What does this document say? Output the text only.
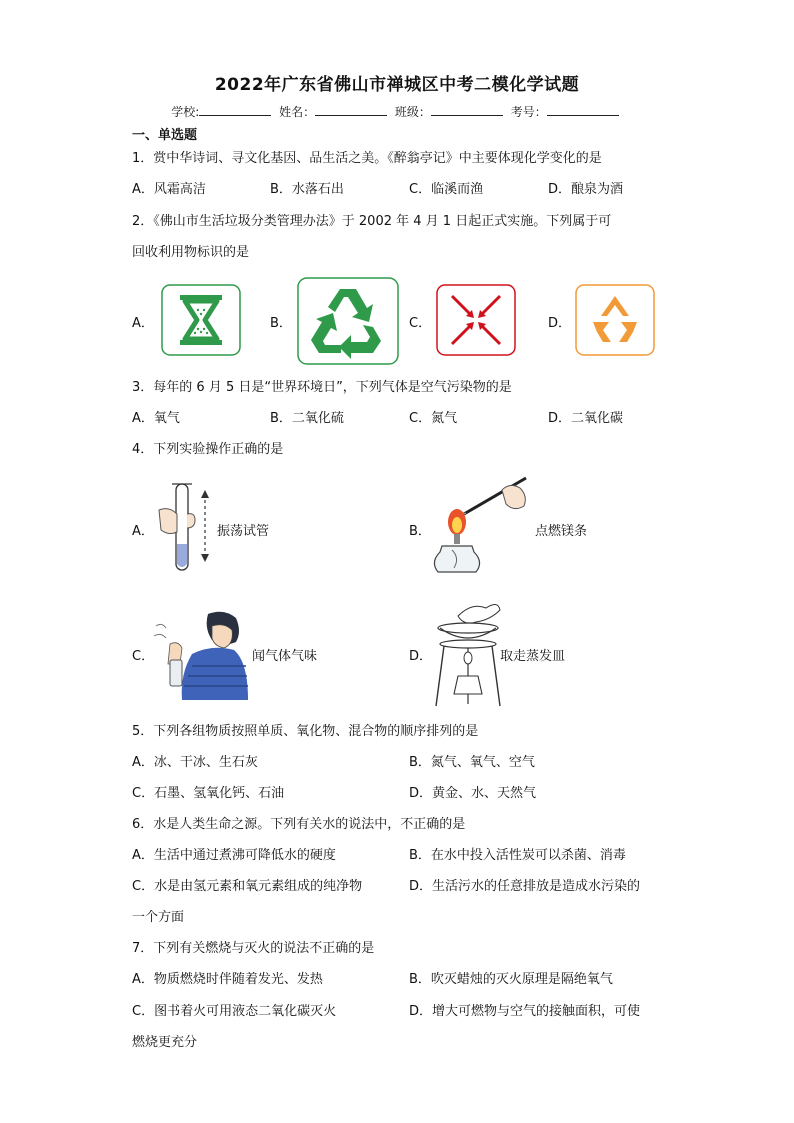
2022年广东省佛山市禅城区中考二模化学试题
学校:	姓名：	班级：	考号：
一、单选题
1．赏中华诗词、寻文化基因、品生活之美。《醉翁亭记》中主要体现化学变化的是
A．风霜高洁	B．水落石出	C．临溪而渔	D．酿泉为酒
2．《佛山市生活垃圾分类管理办法》于 2002 年 4 月 1 日起正式实施。下列属于可
回收利用物标识的是
A．	B．	C．	D．
3．每年的 6 月 5 日是“世界环境日”，下列气体是空气污染物的是
A．氧气	B．二氧化硫	C．氮气	D．二氧化碳
4．下列实验操作正确的是
A．	振荡试管	B．	点燃镁条
C．	闻气体气味	D．	取走蒸发皿
5．下列各组物质按照单质、氧化物、混合物的顺序排列的是
A．冰、干冰、生石灰	B．氮气、氧气、空气
C．石墨、氢氧化钙、石油	D．黄金、水、天然气
6．水是人类生命之源。下列有关水的说法中，不正确的是
A．生活中通过煮沸可降低水的硬度	B．在水中投入活性炭可以杀菌、消毒
C．水是由氢元素和氧元素组成的纯净物	D．生活污水的任意排放是造成水污染的
一个方面
7．下列有关燃烧与灭火的说法不正确的是
A．物质燃烧时伴随着发光、发热	B．吹灭蜡烛的灭火原理是隔绝氧气
C．图书着火可用液态二氧化碳灭火	D．增大可燃物与空气的接触面积，可使
燃烧更充分
